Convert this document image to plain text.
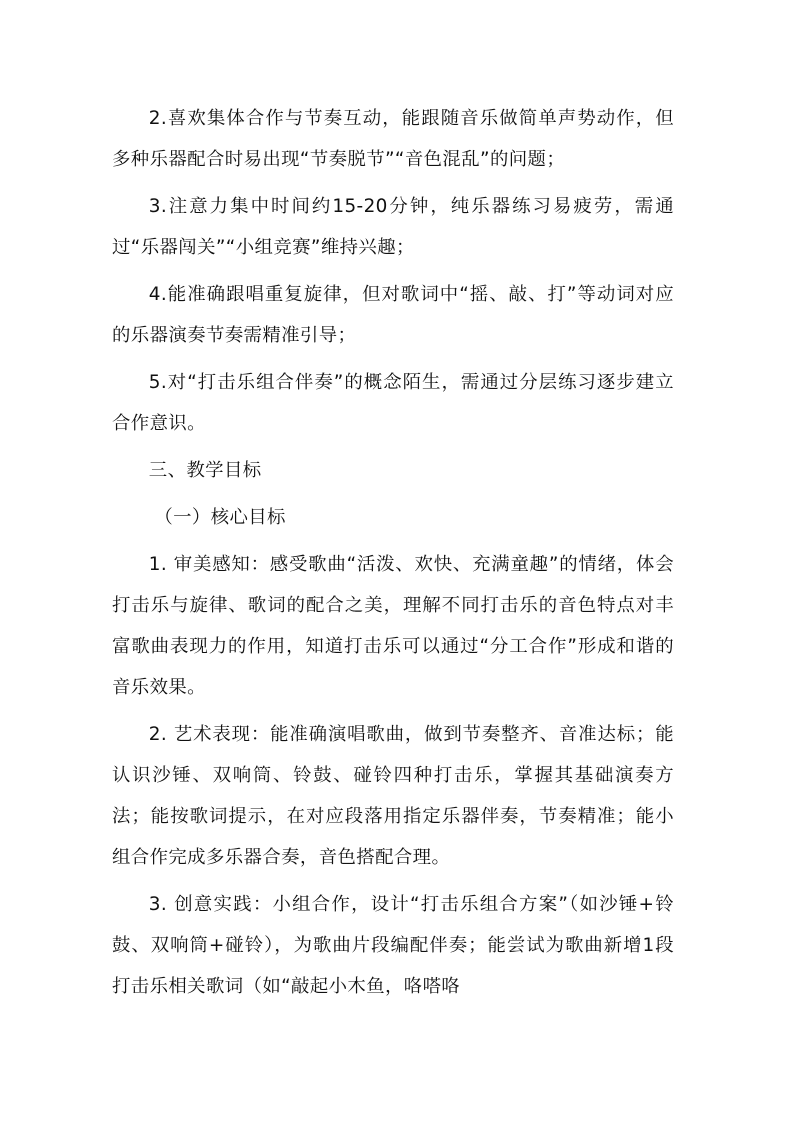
2.喜欢集体合作与节奏互动，能跟随音乐做简单声势动作，但多种乐器配合时易出现“节奏脱节”“音色混乱”的问题；

3.注意力集中时间约15-20分钟，纯乐器练习易疲劳，需通过“乐器闯关”“小组竞赛”维持兴趣；

4.能准确跟唱重复旋律，但对歌词中“摇、敲、打”等动词对应的乐器演奏节奏需精准引导；

5.对“打击乐组合伴奏”的概念陌生，需通过分层练习逐步建立合作意识。

三、教学目标

（一）核心目标

1. 审美感知：感受歌曲“活泼、欢快、充满童趣”的情绪，体会打击乐与旋律、歌词的配合之美，理解不同打击乐的音色特点对丰富歌曲表现力的作用，知道打击乐可以通过“分工合作”形成和谐的音乐效果。

2. 艺术表现：能准确演唱歌曲，做到节奏整齐、音准达标；能认识沙锤、双响筒、铃鼓、碰铃四种打击乐，掌握其基础演奏方法；能按歌词提示，在对应段落用指定乐器伴奏，节奏精准；能小组合作完成多乐器合奏，音色搭配合理。

3. 创意实践：小组合作，设计“打击乐组合方案”（如沙锤+铃鼓、双响筒+碰铃），为歌曲片段编配伴奏；能尝试为歌曲新增1段打击乐相关歌词（如“敲起小木鱼，咯嗒咯
